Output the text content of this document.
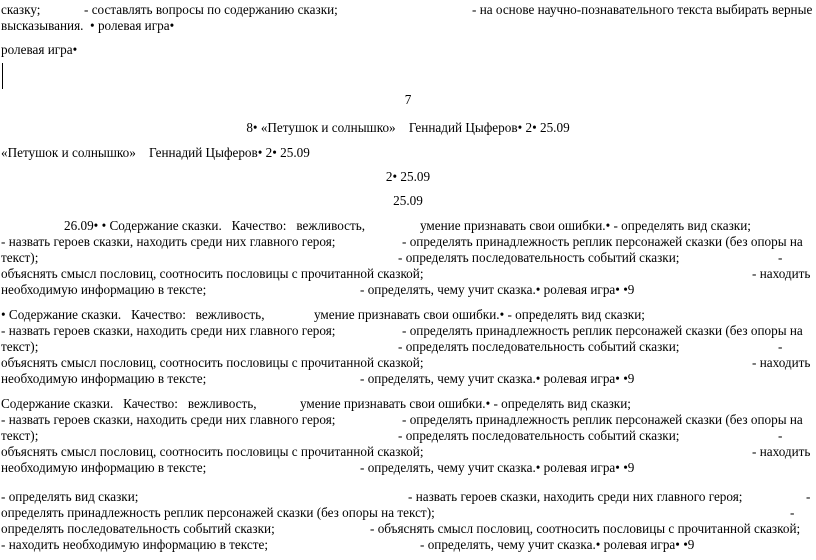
сказку;	- составлять вопросы по содержанию сказки;	- на основе научно-познавательного текста выбирать верные
высказывания.  • ролевая игра•
ролевая игра•
7
8• «Петушок и солнышко»    Геннадий Цыферов• 2• 25.09
«Петушок и солнышко»    Геннадий Цыферов• 2• 25.09
2• 25.09
25.09
26.09• • Содержание сказки.   Качество:   вежливость,	умение признавать свои ошибки.• - определять вид сказки;
- назвать героев сказки, находить среди них главного героя;	- определять принадлежность реплик персонажей сказки (без опоры на
текст);	- определять последовательность событий сказки;	-
объяснять смысл пословиц, соотносить пословицы с прочитанной сказкой;	- находить
необходимую информацию в тексте;	- определять, чему учит сказка.• ролевая игра• •9
• Содержание сказки.   Качество:   вежливость,	умение признавать свои ошибки.• - определять вид сказки;
- назвать героев сказки, находить среди них главного героя;	- определять принадлежность реплик персонажей сказки (без опоры на
текст);	- определять последовательность событий сказки;	-
объяснять смысл пословиц, соотносить пословицы с прочитанной сказкой;	- находить
необходимую информацию в тексте;	- определять, чему учит сказка.• ролевая игра• •9
Содержание сказки.   Качество:   вежливость,	умение признавать свои ошибки.• - определять вид сказки;
- назвать героев сказки, находить среди них главного героя;	- определять принадлежность реплик персонажей сказки (без опоры на
текст);	- определять последовательность событий сказки;	-
объяснять смысл пословиц, соотносить пословицы с прочитанной сказкой;	- находить
необходимую информацию в тексте;	- определять, чему учит сказка.• ролевая игра• •9
- определять вид сказки;	- назвать героев сказки, находить среди них главного героя;	-
определять принадлежность реплик персонажей сказки (без опоры на текст);	-
определять последовательность событий сказки;	- объяснять смысл пословиц, соотносить пословицы с прочитанной сказкой;
- находить необходимую информацию в тексте;	- определять, чему учит сказка.• ролевая игра• •9
